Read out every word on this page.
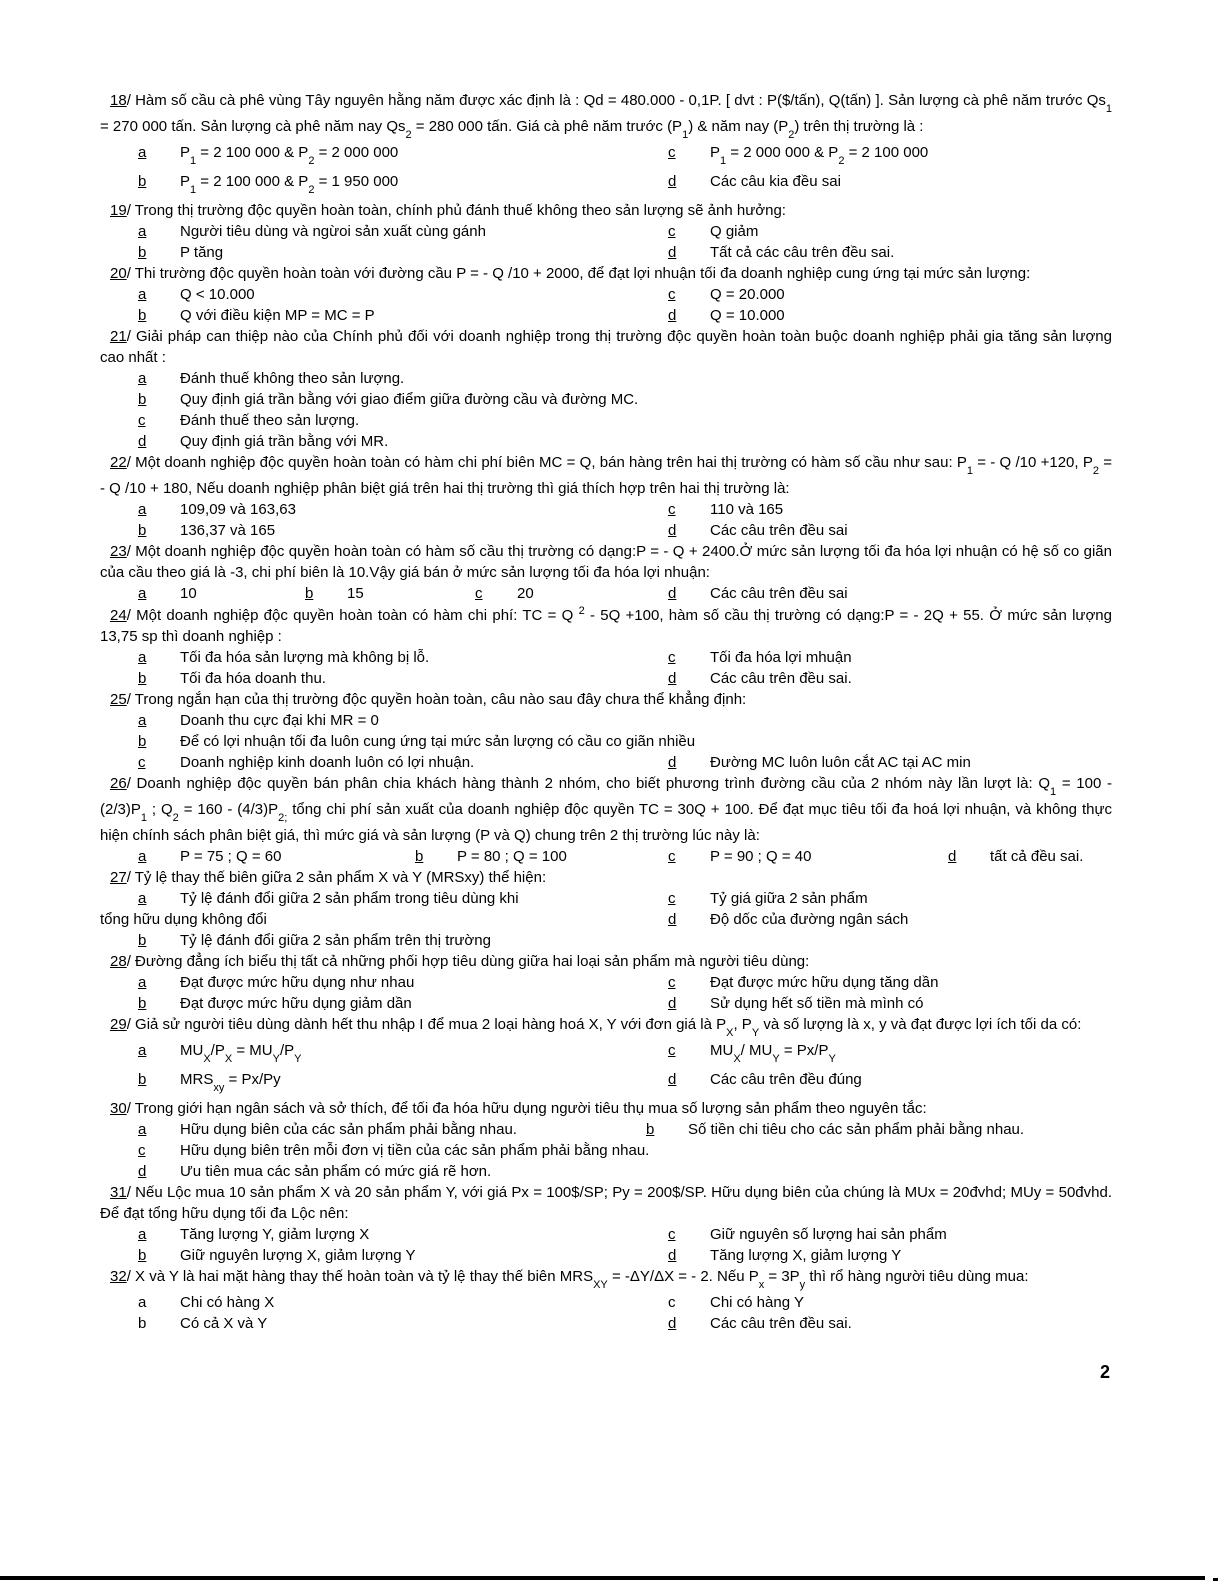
18/ Hàm số cầu cà phê vùng Tây nguyên hằng năm được xác định là : Qd = 480.000 - 0,1P. [ dvt : P($/tấn), Q(tấn) ]. Sản lượng cà phê năm trước $Qs_1 = 270$ 000 tấn. Sản lượng cà phê năm nay $Qs_2 = 280$ 000 tấn. Giá cà phê năm trước $(P_1)$ & năm nay $(P_2)$ trên thị trường là :

a $P_1 = 2$ 100 000 & $P_2 = 2$ 000 000	c $P_1 = 2$ 000 000 & $P_2 = 2$ 100 000
b $P_1 = 2$ 100 000 & $P_2 = 1$ 950 000	d Các câu kia đều sai

19/ Trong thị trường độc quyền hoàn toàn, chính phủ đánh thuế không theo sản lượng sẽ ảnh hưởng:

a Người tiêu dùng và ngừoi sản xuất cùng gánh	c Q giảm
b P tăng	d Tất cả các câu trên đều sai.

20/ Thi trường độc quyền hoàn toàn với đường cầu P = - Q /10 + 2000, để đạt lợi nhuận tối đa doanh nghiệp cung ứng tại mức sản lượng:

a Q < 10.000	c Q = 20.000
b Q với điều kiện MP = MC = P	d Q = 10.000

21/ Giải pháp can thiệp nào của Chính phủ đối với doanh nghiệp trong thị trường độc quyền hoàn toàn buộc doanh nghiệp phải gia tăng sản lượng cao nhất :

a Đánh thuế không theo sản lượng.
b Quy định giá trần bằng với giao điểm giữa đường cầu và đường MC.
c Đánh thuế theo sản lượng.
d Quy định giá trần bằng với MR.

22/ Một doanh nghiệp độc quyền hoàn toàn có hàm chi phí biên MC = Q, bán hàng trên hai thị trường có hàm số cầu như sau: $P_1$ = - Q /10 +120, $P_2$ = - Q /10 + 180, Nếu doanh nghiệp phân biệt giá trên hai thị trường thì giá thích hợp trên hai thị trường là:

a 109,09 và 163,63	c 110 và 165
b 136,37 và 165	d Các câu trên đều sai

23/ Một doanh nghiệp độc quyền hoàn toàn có hàm số cầu thị trường có dạng:P = - Q + 2400.Ở mức sản lượng tối đa hóa lợi nhuận có hệ số co giãn của cầu theo giá là -3, chi phí biên là 10.Vậy giá bán ở mức sản lượng tối đa hóa lợi nhuận:

a 10	b 15	c 20	d Các câu trên đều sai

24/ Một doanh nghiệp độc quyền hoàn toàn có hàm chi phí: TC = Q $^2$ - 5Q +100, hàm số cầu thị trường có dạng:P = - 2Q + 55. Ở mức sản lượng 13,75 sp thì doanh nghiệp :

a Tối đa hóa sản lượng mà không bị lỗ.	c Tối đa hóa lợi mhuận
b Tối đa hóa doanh thu.	d Các câu trên đều sai.

25/ Trong ngắn hạn của thị trường độc quyền hoàn toàn, câu nào sau đây chưa thể khẳng định:

a Doanh thu cực đại khi MR = 0
b Để có lợi nhuận tối đa luôn cung ứng tại mức sản lượng có cầu co giãn nhiều
c Doanh nghiệp kinh doanh luôn có lợi nhuận.	d Đường MC luôn luôn cắt AC tại AC min

26/ Doanh nghiệp độc quyền bán phân chia khách hàng thành 2 nhóm, cho biết phương trình đường cầu của 2 nhóm này lần lượt là: $Q_1 = 100 - (2/3)P_1$ ; $Q_2 = 160 - (4/3)P_{2;}$ tổng chi phí sản xuất của doanh nghiệp độc quyền TC = 30Q + 100. Để đạt mục tiêu tối đa hoá lợi nhuận, và không thực hiện chính sách phân biệt giá, thì mức giá và sản lượng (P và Q) chung trên 2 thị trường lúc này là:

a P = 75 ; Q = 60	b P = 80 ; Q = 100	c P = 90 ; Q = 40	d tất cả đều sai.

27/ Tỷ lệ thay thế biên giữa 2 sản phẩm X và Y (MRSxy) thể hiện:

a Tỷ lệ đánh đổi giữa 2 sản phẩm trong tiêu dùng khi	c Tỷ giá giữa 2 sản phẩm
tổng hữu dụng không đổi	d Độ dốc của đường ngân sách
b Tỷ lệ đánh đổi giữa 2 sản phẩm trên thị trường

28/ Đường đẳng ích biểu thị tất cả những phối hợp tiêu dùng giữa hai loại sản phẩm mà người tiêu dùng:

a Đạt được mức hữu dụng như nhau	c Đạt được mức hữu dụng tăng dần
b Đạt được mức hữu dụng giảm dần	d Sử dụng hết số tiền mà mình có

29/ Giả sử người tiêu dùng dành hết thu nhập I để mua 2 loại hàng hoá X, Y với đơn giá là $P_X$, $P_Y$ và số lượng là x, y và đạt được lợi ích tối da có:

a $MU_X/P_X = MU_Y/P_Y$	c $MU_X/$ $MU_Y = Px/P_Y$
b $MRS_{xy} = Px/Py$	d Các câu trên đều đúng

30/ Trong giới hạn ngân sách và sở thích, để tối đa hóa hữu dụng người tiêu thụ mua số lượng sản phẩm theo nguyên tắc:

a Hữu dụng biên của các sản phẩm phải bằng nhau.	b Số tiền chi tiêu cho các sản phẩm phải bằng nhau.
c Hữu dụng biên trên mỗi đơn vị tiền của các sản phẩm phải bằng nhau.
d Ưu tiên mua các sản phẩm có mức giá rẽ hơn.

31/ Nếu Lộc mua 10 sản phẩm X và 20 sản phẩm Y, với giá Px = 100$/SP; Py = 200$/SP. Hữu dụng biên của chúng là MUx = 20đvhd; MUy = 50đvhd. Để đạt tổng hữu dụng tối đa Lộc nên:

a Tăng lượng Y, giảm lượng X	c Giữ nguyên số lượng hai sản phẩm
b Giữ nguyên lượng X, giảm lượng Y	d Tăng lượng X, giảm lượng Y

32/ X và Y là hai mặt hàng thay thế hoàn toàn và tỷ lệ thay thế biên $MRS_{XY} = -\Delta Y/\Delta X$ = - 2. Nếu $P_x = 3P_y$ thì rổ hàng người tiêu dùng mua:

a Chi có hàng X	c Chi có hàng Y
b Có cả X và Y	d Các câu trên đều sai.
2
